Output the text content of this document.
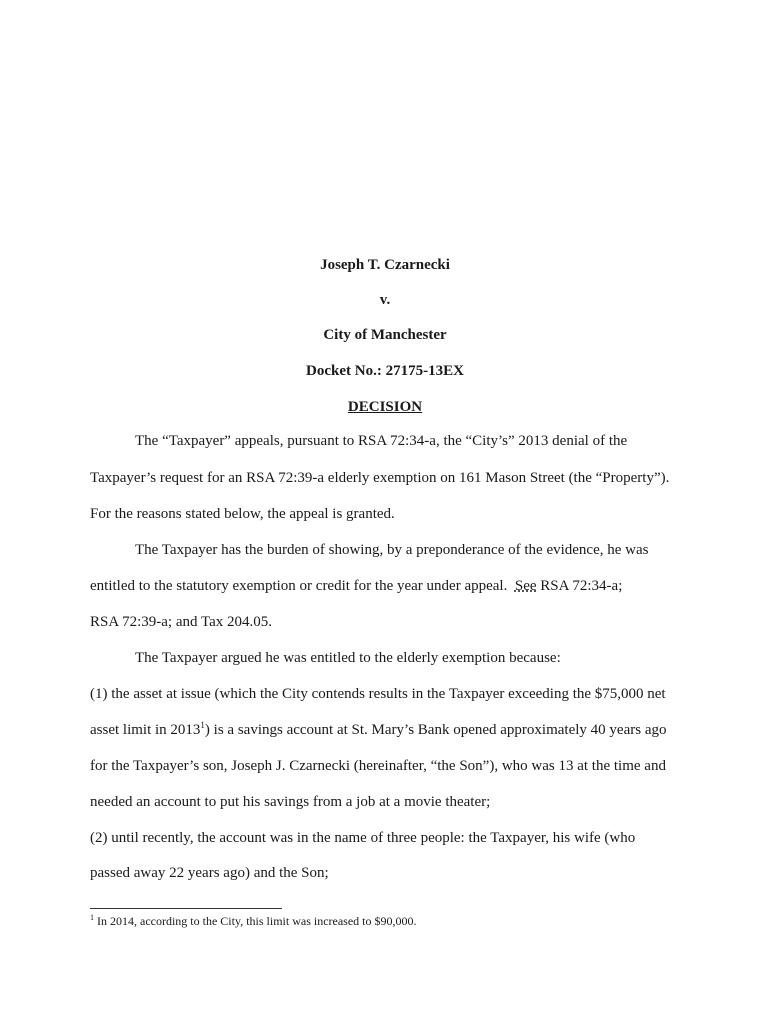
Joseph T. Czarnecki
v.
City of Manchester
Docket No.: 27175-13EX
DECISION
The “Taxpayer” appeals, pursuant to RSA 72:34-a, the “City’s” 2013 denial of the
Taxpayer’s request for an RSA 72:39-a elderly exemption on 161 Mason Street (the “Property”).
For the reasons stated below, the appeal is granted.
The Taxpayer has the burden of showing, by a preponderance of the evidence, he was
entitled to the statutory exemption or credit for the year under appeal.  See RSA 72:34-a;
RSA 72:39-a; and Tax 204.05.
The Taxpayer argued he was entitled to the elderly exemption because:
(1) the asset at issue (which the City contends results in the Taxpayer exceeding the $75,000 net
asset limit in 2013$^1$) is a savings account at St. Mary’s Bank opened approximately 40 years ago
for the Taxpayer’s son, Joseph J. Czarnecki (hereinafter, “the Son”), who was 13 at the time and
needed an account to put his savings from a job at a movie theater;
(2) until recently, the account was in the name of three people: the Taxpayer, his wife (who
passed away 22 years ago) and the Son;
$^1$ In 2014, according to the City, this limit was increased to $90,000.
